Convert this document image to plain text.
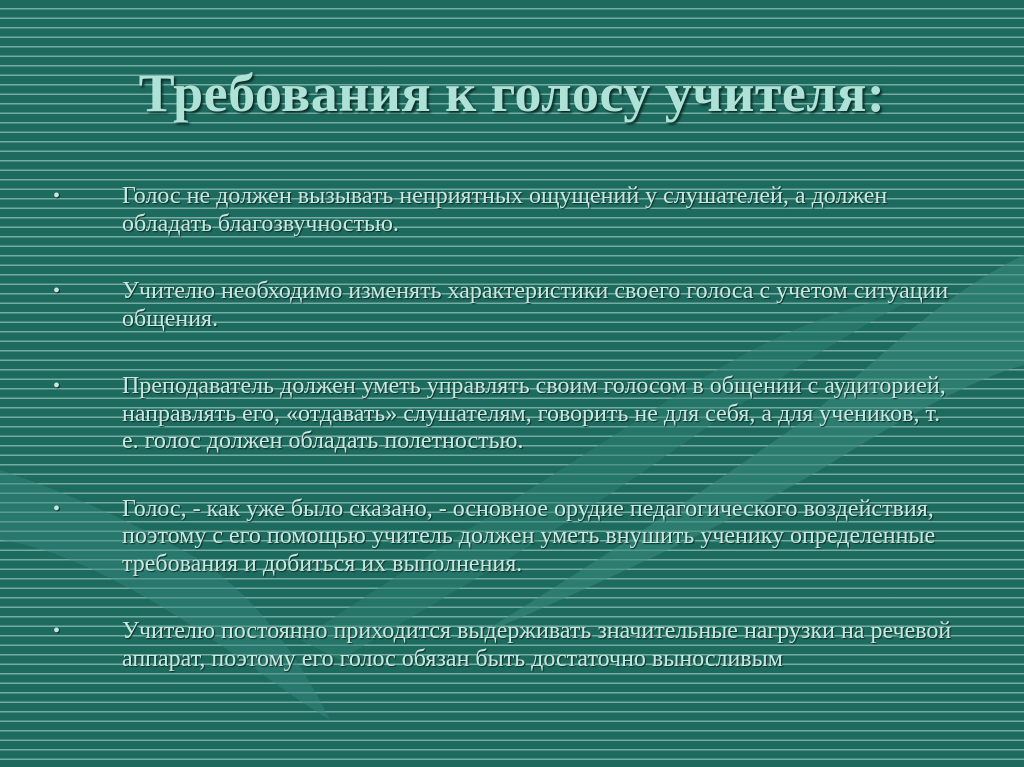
Требования к голосу учителя:
•	Голос не должен вызывать неприятных ощущений у слушателей, а должен обладать благозвучностью.
•	Учителю необходимо изменять характеристики своего голоса с учетом ситуации общения.
•	Преподаватель должен уметь управлять своим голосом в общении с аудиторией, направлять его, «отдавать» слушателям, говорить не для себя, а для учеников, т. е. голос должен обладать полетностью.
•	Голос, - как уже было сказано, - основное орудие педагогического воздействия, поэтому с его помощью учитель должен уметь внушить ученику определенные требования и добиться их выполнения.
•	Учителю постоянно приходится выдерживать значительные нагрузки на речевой аппарат, поэтому его голос обязан быть достаточно выносливым
